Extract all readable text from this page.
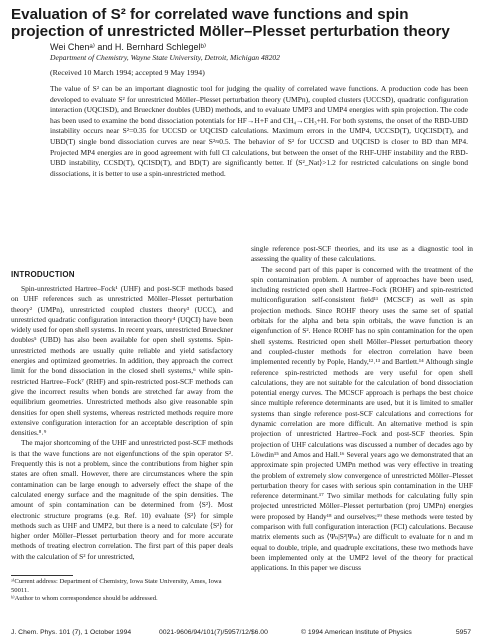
Evaluation of S² for correlated wave functions and spin projection of unrestricted Möller–Plesset perturbation theory
Wei Chenᵃ⁾ and H. Bernhard Schlegelᵇ⁾
Department of Chemistry, Wayne State University, Detroit, Michigan 48202
(Received 10 March 1994; accepted 9 May 1994)

The value of S² can be an important diagnostic tool for judging the quality of correlated wave functions. A production code has been developed to evaluate S² for unrestricted Möller–Plesset perturbation theory (UMPn), coupled clusters (UCCSD), quadratic configuration interaction (UQCISD), and Brueckner doubles (UBD) methods, and to evaluate UMP3 and UMP4 energies with spin projection. The code has been used to examine the bond dissociation potentials for HF→H+F and CH₄→CH₃+H. For both systems, the onset of the RBD-UBD instability occurs near S²=0.35 for UCCSD or UQCISD calculations. Maximum errors in the UMP4, UCCSD(T), UQCISD(T), and UBD(T) single bond dissociation curves are near S²≈0.5. The behavior of S² for UCCSD and UQCISD is closer to BD than MP4. Projected MP4 energies are in good agreement with full CI calculations, but between the onset of the RHF-UHF instability and the RBD-UBD instability, CCSD(T), QCISD(T), and BD(T) are significantly better. If ⟨S²_Nat⟩>1.2 for restricted calculations on single bond dissociations, it is better to use a spin-unrestricted method.

INTRODUCTION

Spin-unrestricted Hartree–Fock¹ (UHF) and post-SCF methods based on UHF references such as unrestricted Möller–Plesset perturbation theory² (UMPn), unrestricted coupled clusters theory³ (UCC), and unrestricted quadratic configuration interaction theory⁴ (UQCI) have been widely used for open shell systems. In recent years, unrestricted Brueckner doubles⁵ (UBD) has also been available for open shell systems. Spin-unrestricted methods are usually quite reliable and yield satisfactory energies and optimized geometries. In addition, they approach the correct limit for the bond dissociation in the closed shell systems,⁶ while spin-restricted Hartree–Fock⁷ (RHF) and spin-restricted post-SCF methods can give the incorrect results when bonds are stretched far away from the equilibrium geometries. Unrestricted methods also give reasonable spin densities for open shell systems, whereas restricted methods require more extensive configuration interaction for an acceptable description of spin densities.⁸˒⁹

The major shortcoming of the UHF and unrestricted post-SCF methods is that the wave functions are not eigenfunctions of the spin operator S². Frequently this is not a problem, since the contributions from higher spin states are often small. However, there are circumstances where the spin contamination can be large enough to adversely effect the shape of the calculated energy surface and the magnitude of the spin densities. The amount of spin contamination can be determined from ⟨S²⟩. Most electronic structure programs (e.g. Ref. 10) evaluate ⟨S²⟩ for simple methods such as UHF and UMP2, but there is a need to calculate ⟨S²⟩ for higher order Möller–Plesset perturbation theory and for more accurate methods of treating electron correlation. The first part of this paper deals with the calculation of S² for unrestricted,

single reference post-SCF theories, and its use as a diagnostic tool in assessing the quality of these calculations.

The second part of this paper is concerned with the treatment of the spin contamination problem. A number of approaches have been used, including restricted open shell Hartree–Fock (ROHF) and spin-restricted multiconfiguration self-consistent field¹¹ (MCSCF) as well as spin projection methods. Since ROHF theory uses the same set of spatial orbitals for the alpha and beta spin orbitals, the wave function is an eigenfunction of S². Hence ROHF has no spin contamination for the open shell systems. Restricted open shell Möller–Plesset perturbation theory and coupled-cluster methods for electron correlation have been implemented recently by Pople, Handy,¹²˒¹³ and Bartlett.¹⁴ Although single reference spin-restricted methods are very useful for open shell calculations, they are not suitable for the calculation of bond dissociation potential energy curves. The MCSCF approach is perhaps the best choice since multiple reference determinants are used, but it is limited to smaller systems than single reference post-SCF calculations and corrections for dynamic correlation are more difficult. An alternative method is spin projection of unrestricted Hartree–Fock and post-SCF theories. Spin projection of UHF calculations was discussed a number of decades ago by Löwdin¹⁵ and Amos and Hall.¹⁶ Several years ago we demonstrated that an approximate spin projected UMPn method was very effective in treating the problem of extremely slow convergence of unrestricted Möller–Plesset perturbation theory for cases with serious spin contamination in the UHF reference determinant.¹⁷ Two similar methods for calculating fully spin projected unrestricted Möller–Plesset perturbation (proj UMPn) energies were proposed by Handy¹⁸ and ourselves;¹⁹ these methods were tested by comparison with full configuration interaction (FCI) calculations. Because matrix elements such as ⟨Ψₙ|S²|Ψₘ⟩ are difficult to evaluate for n and m equal to double, triple, and quadruple excitations, these two methods have been implemented only at the UMP2 level of the theory for practical applications. In this paper we discuss

ᵃ⁾Current address: Department of Chemistry, Iowa State University, Ames, Iowa 50011.
ᵇ⁾Author to whom correspondence should be addressed.
J. Chem. Phys. 101 (7), 1 October 1994	0021-9606/94/101(7)/5957/12/$6.00	© 1994 American Institute of Physics	5957
